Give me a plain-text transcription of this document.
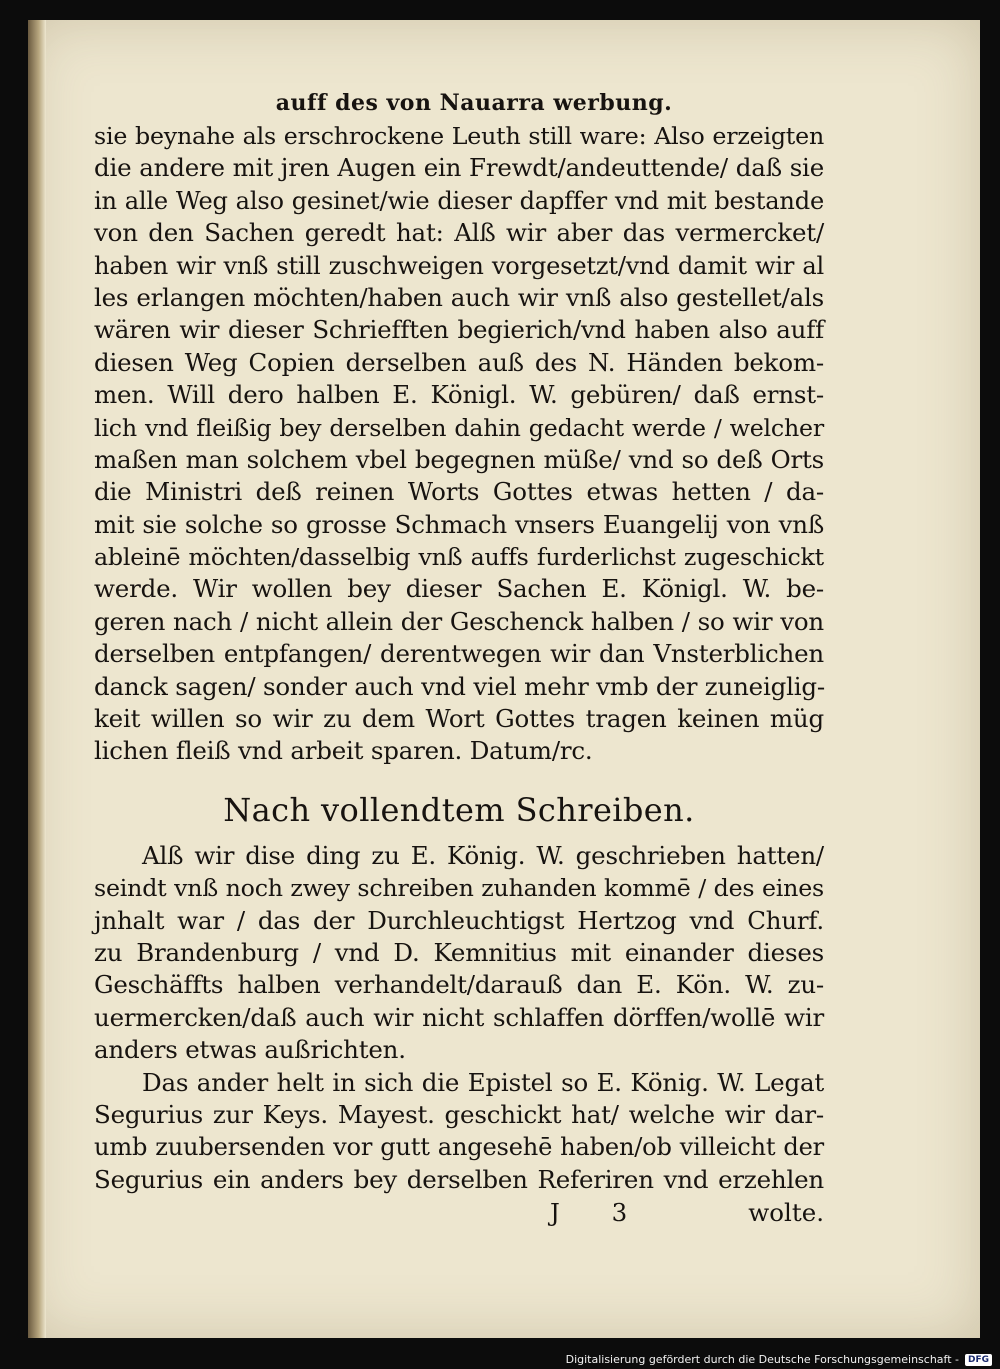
auff des von Nauarra werbung.
sie beynahe als erschrockene Leuth still ware: Also erzeigten
die andere mit jren Augen ein Frewdt/andeuttende/ daß sie
in alle Weg also gesinet/wie dieser dapffer vnd mit bestande
von den Sachen geredt hat: Alß wir aber das vermercket/
haben wir vnß still zuschweigen vorgesetzt/vnd damit wir al
les erlangen möchten/haben auch wir vnß also gestellet/als
wären wir dieser Schriefften begierich/vnd haben also auff
diesen Weg Copien derselben auß des N. Händen bekom-
men. Will dero halben E. Königl. W. gebüren/ daß ernst-
lich vnd fleißig bey derselben dahin gedacht werde / welcher
maßen man solchem vbel begegnen müße/ vnd so deß Orts
die Ministri deß reinen Worts Gottes etwas hetten / da-
mit sie solche so grosse Schmach vnsers Euangelij von vnß
ableinē möchten/dasselbig vnß auffs furderlichst zugeschickt
werde. Wir wollen bey dieser Sachen E. Königl. W. be-
geren nach / nicht allein der Geschenck halben / so wir von
derselben entpfangen/ derentwegen wir dan Vnsterblichen
danck sagen/ sonder auch vnd viel mehr vmb der zuneiglig-
keit willen so wir zu dem Wort Gottes tragen keinen müg
lichen fleiß vnd arbeit sparen. Datum/rc.
Nach vollendtem Schreiben.
Alß wir dise ding zu E. König. W. geschrieben hatten/
seindt vnß noch zwey schreiben zuhanden kommē / des eines
jnhalt war / das der Durchleuchtigst Hertzog vnd Churf.
zu Brandenburg / vnd D. Kemnitius mit einander dieses
Geschäffts halben verhandelt/darauß dan E. Kön. W. zu-
uermercken/daß auch wir nicht schlaffen dörffen/wollē wir
anders etwas außrichten.
Das ander helt in sich die Epistel so E. König. W. Legat
Segurius zur Keys. Mayest. geschickt hat/ welche wir dar-
umb zuubersenden vor gutt angesehē haben/ob villeicht der
Segurius ein anders bey derselben Referiren vnd erzehlen
J 3	wolte.
Digitalisierung gefördert durch die Deutsche Forschungsgemeinschaft -	DFG
